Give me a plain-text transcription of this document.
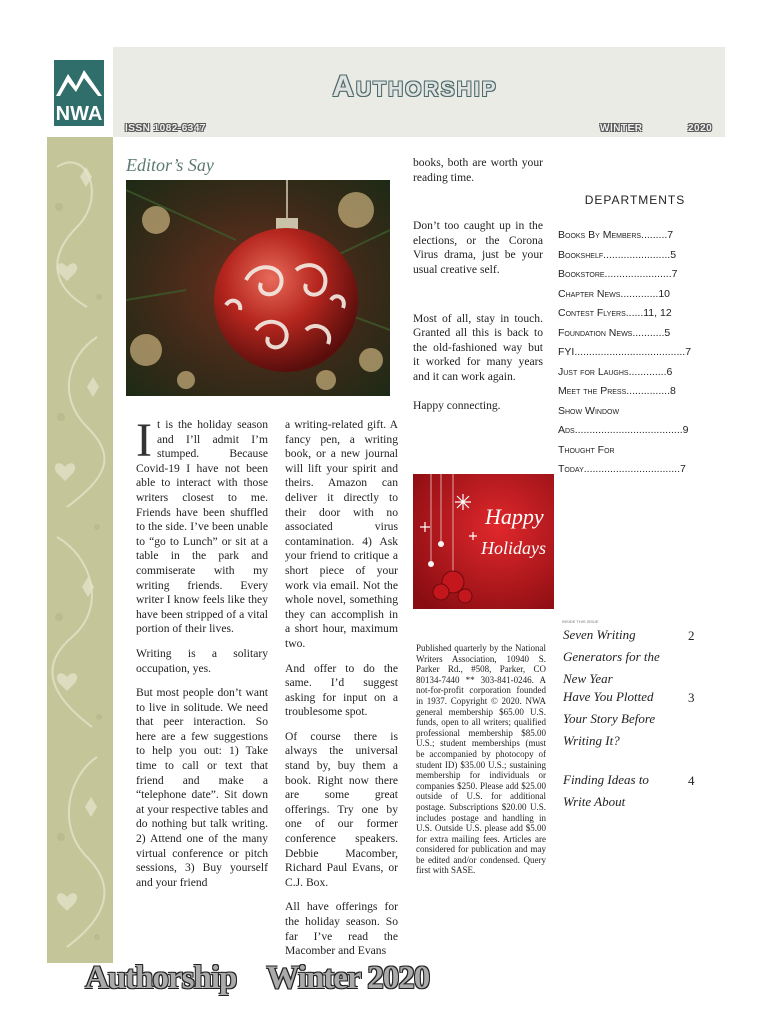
NWA
Authorship
ISSN 1082-6347	WINTER	2020
Editor’s Say

It is the holiday season and I’ll admit I’m stumped. Because Covid-19 I have not been able to interact with those writers closest to me. Friends have been shuffled to the side. I’ve been unable to “go to Lunch” or sit at a table in the park and commiserate with my writing friends. Every writer I know feels like they have been stripped of a vital portion of their lives.

Writing is a solitary occupation, yes.

But most people don’t want to live in solitude. We need that peer interaction. So here are a few suggestions to help you out: 1) Take time to call or text that friend and make a “telephone date”. Sit down at your respective tables and do nothing but talk writing. 2) Attend one of the many virtual conference or pitch sessions, 3) Buy yourself and your friend

a writing-related gift. A fancy pen, a writing book, or a new journal will lift your spirit and theirs. Amazon can deliver it directly to their door with no associated virus contamination. 4) Ask your friend to critique a short piece of your work via email. Not the whole novel, something they can accomplish in a short hour, maximum two.

And offer to do the same. I’d suggest asking for input on a troublesome spot.

Of course there is always the universal stand by, buy them a book. Right now there are some great offerings. Try one by one of our former conference speakers. Debbie Macomber, Richard Paul Evans, or C.J. Box.

All have offerings for the holiday season. So far I’ve read the Macomber and Evans

books, both are worth your reading time.

Don’t too caught up in the elections, or the Corona Virus drama, just be your usual creative self.

Most of all, stay in touch. Granted all this is back to the old-fashioned way but it worked for many years and it can work again.

Happy connecting.

DEPARTMENTS
Books By Members.........7
Bookshelf.......................5
Bookstore.......................7
Chapter News.............10
Contest Flyers......11, 12
Foundation News...........5
FYI......................................7
Just for Laughs.............6
Meet the Press...............8
Show Window
Ads.....................................9
Thought For
Today.................................7
Happy
Holidays
Published quarterly by the National Writers Association, 10940 S. Parker Rd., #508, Parker, CO 80134-7440 ** 303-841-0246. A not-for-profit corporation founded in 1937. Copyright © 2020. NWA general membership $65.00 U.S. funds, open to all writers; qualified professional membership $85.00 U.S.; student memberships (must be accompanied by photocopy of student ID) $35.00 U.S.; sustaining membership for individuals or companies $250. Please add $25.00 outside of U.S. for additional postage. Subscriptions $20.00 U.S. includes postage and handling in U.S. Outside U.S. please add $5.00 for extra mailing fees. Articles are considered for publication and may be edited and/or condensed. Query first with SASE.
INSIDE THIS ISSUE
Seven Writing Generators for the New Year
2
Have You Plotted Your Story Before Writing It?
3
Finding Ideas to Write About
4
Authorship Winter 2020
